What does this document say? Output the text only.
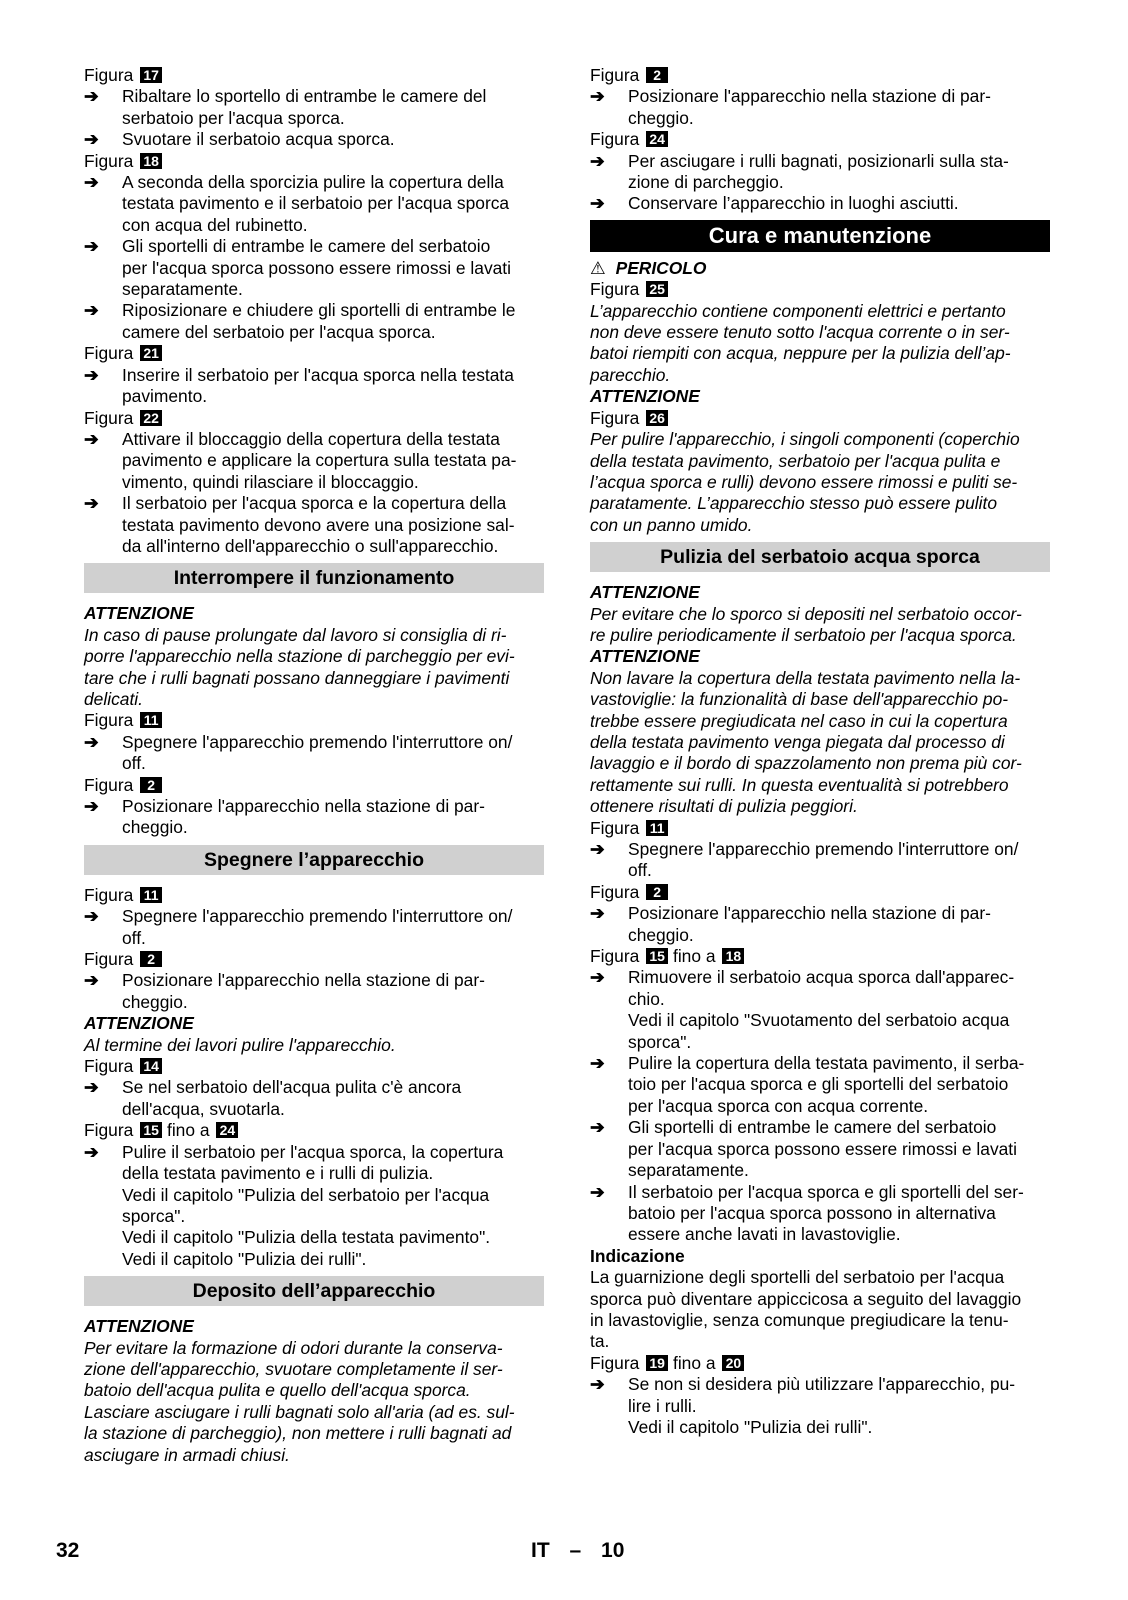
Figura 17
➔ Ribaltare lo sportello di entrambe le camere del
serbatoio per l'acqua sporca.
➔ Svuotare il serbatoio acqua sporca.
Figura 18
➔ A seconda della sporcizia pulire la copertura della
testata pavimento e il serbatoio per l'acqua sporca
con acqua del rubinetto.
➔ Gli sportelli di entrambe le camere del serbatoio
per l'acqua sporca possono essere rimossi e lavati
separatamente.
➔ Riposizionare e chiudere gli sportelli di entrambe le
camere del serbatoio per l'acqua sporca.
Figura 21
➔ Inserire il serbatoio per l'acqua sporca nella testata
pavimento.
Figura 22
➔ Attivare il bloccaggio della copertura della testata
pavimento e applicare la copertura sulla testata pa-
vimento, quindi rilasciare il bloccaggio.
➔ Il serbatoio per l'acqua sporca e la copertura della
testata pavimento devono avere una posizione sal-
da all'interno dell'apparecchio o sull'apparecchio.
Interrompere il funzionamento
ATTENZIONE
In caso di pause prolungate dal lavoro si consiglia di ri-
porre l'apparecchio nella stazione di parcheggio per evi-
tare che i rulli bagnati possano danneggiare i pavimenti
delicati.
Figura 11
➔ Spegnere l'apparecchio premendo l'interruttore on/
off.
Figura 2
➔ Posizionare l'apparecchio nella stazione di par-
cheggio.
Spegnere l’apparecchio
Figura 11
➔ Spegnere l'apparecchio premendo l'interruttore on/
off.
Figura 2
➔ Posizionare l'apparecchio nella stazione di par-
cheggio.
ATTENZIONE
Al termine dei lavori pulire l'apparecchio.
Figura 14
➔ Se nel serbatoio dell'acqua pulita c'è ancora
dell'acqua, svuotarla.
Figura 15 fino a 24
➔ Pulire il serbatoio per l'acqua sporca, la copertura
della testata pavimento e i rulli di pulizia.
Vedi il capitolo "Pulizia del serbatoio per l'acqua
sporca".
Vedi il capitolo "Pulizia della testata pavimento".
Vedi il capitolo "Pulizia dei rulli".
Deposito dell’apparecchio
ATTENZIONE
Per evitare la formazione di odori durante la conserva-
zione dell'apparecchio, svuotare completamente il ser-
batoio dell'acqua pulita e quello dell'acqua sporca.
Lasciare asciugare i rulli bagnati solo all'aria (ad es. sul-
la stazione di parcheggio), non mettere i rulli bagnati ad
asciugare in armadi chiusi.
Figura 2
➔ Posizionare l'apparecchio nella stazione di par-
cheggio.
Figura 24
➔ Per asciugare i rulli bagnati, posizionarli sulla sta-
zione di parcheggio.
➔ Conservare l’apparecchio in luoghi asciutti.
Cura e manutenzione
⚠ PERICOLO
Figura 25
L’apparecchio contiene componenti elettrici e pertanto
non deve essere tenuto sotto l'acqua corrente o in ser-
batoi riempiti con acqua, neppure per la pulizia dell’ap-
parecchio.
ATTENZIONE
Figura 26
Per pulire l'apparecchio, i singoli componenti (coperchio
della testata pavimento, serbatoio per l'acqua pulita e
l’acqua sporca e rulli) devono essere rimossi e puliti se-
paratamente. L’apparecchio stesso può essere pulito
con un panno umido.
Pulizia del serbatoio acqua sporca
ATTENZIONE
Per evitare che lo sporco si depositi nel serbatoio occor-
re pulire periodicamente il serbatoio per l'acqua sporca.
ATTENZIONE
Non lavare la copertura della testata pavimento nella la-
vastoviglie: la funzionalità di base dell'apparecchio po-
trebbe essere pregiudicata nel caso in cui la copertura
della testata pavimento venga piegata dal processo di
lavaggio e il bordo di spazzolamento non prema più cor-
rettamente sui rulli. In questa eventualità si potrebbero
ottenere risultati di pulizia peggiori.
Figura 11
➔ Spegnere l'apparecchio premendo l'interruttore on/
off.
Figura 2
➔ Posizionare l'apparecchio nella stazione di par-
cheggio.
Figura 15 fino a 18
➔ Rimuovere il serbatoio acqua sporca dall'apparec-
chio.
Vedi il capitolo "Svuotamento del serbatoio acqua
sporca".
➔ Pulire la copertura della testata pavimento, il serba-
toio per l'acqua sporca e gli sportelli del serbatoio
per l'acqua sporca con acqua corrente.
➔ Gli sportelli di entrambe le camere del serbatoio
per l'acqua sporca possono essere rimossi e lavati
separatamente.
➔ Il serbatoio per l'acqua sporca e gli sportelli del ser-
batoio per l'acqua sporca possono in alternativa
essere anche lavati in lavastoviglie.
Indicazione
La guarnizione degli sportelli del serbatoio per l'acqua
sporca può diventare appiccicosa a seguito del lavaggio
in lavastoviglie, senza comunque pregiudicare la tenu-
ta.
Figura 19 fino a 20
➔ Se non si desidera più utilizzare l'apparecchio, pu-
lire i rulli.
Vedi il capitolo "Pulizia dei rulli".
32	IT – 10
